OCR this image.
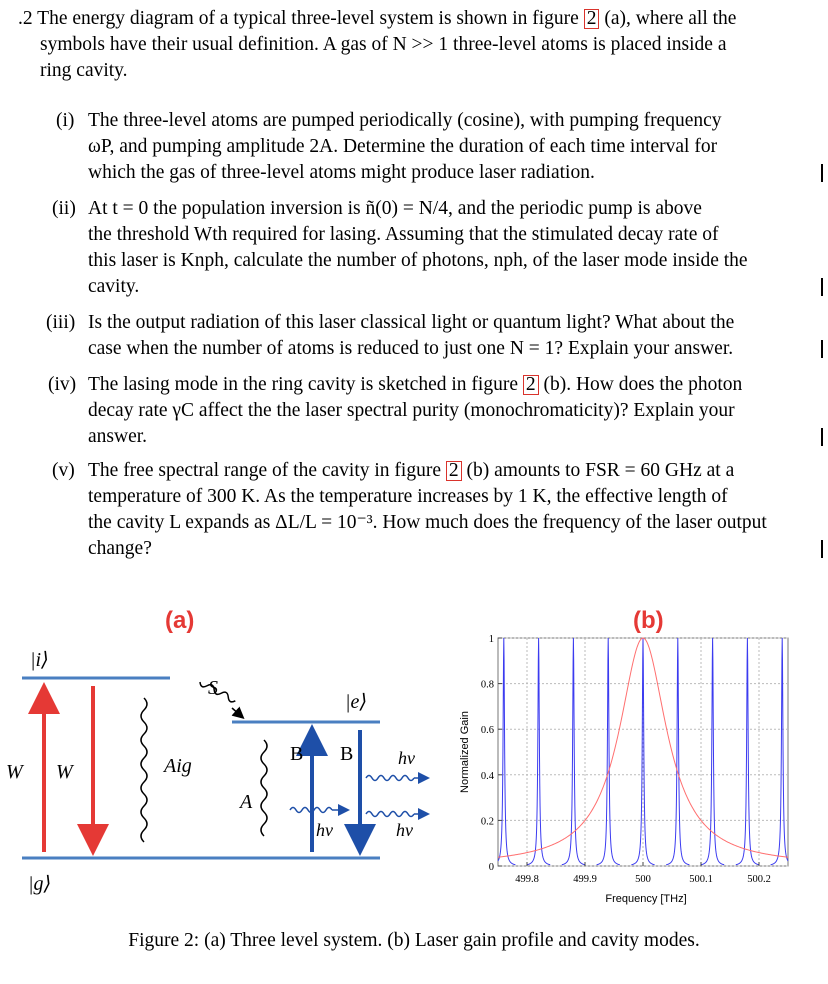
.2 The energy diagram of a typical three-level system is shown in figure 2 (a), where all the
symbols have their usual definition. A gas of N >> 1 three-level atoms is placed inside a
ring cavity.
(i) The three-level atoms are pumped periodically (cosine), with pumping frequency
ωP, and pumping amplitude 2A. Determine the duration of each time interval for
which the gas of three-level atoms might produce laser radiation.
(ii) At t = 0 the population inversion is ñ(0) = N/4, and the periodic pump is above
the threshold Wth required for lasing. Assuming that the stimulated decay rate of
this laser is Knph, calculate the number of photons, nph, of the laser mode inside the
cavity.
(iii) Is the output radiation of this laser classical light or quantum light? What about the
case when the number of atoms is reduced to just one N = 1? Explain your answer.
(iv) The lasing mode in the ring cavity is sketched in figure 2 (b). How does the photon
decay rate γC affect the the laser spectral purity (monochromaticity)? Explain your
answer.
(v) The free spectral range of the cavity in figure 2 (b) amounts to FSR = 60 GHz at a
temperature of 300 K. As the temperature increases by 1 K, the effective length of
the cavity L expands as ΔL/L = 10⁻³. How much does the frequency of the laser output
change?
(a)
|i⟩
|e⟩
|g⟩
W W	Aig
S
A
B B
hν
hν
hν
(b)
499.8	499.9	500	500.1	500.2
0
0.2
0.4
0.6
0.8
1
Frequency [THz]
Normalized Gain
Figure 2: (a) Three level system. (b) Laser gain profile and cavity modes.
